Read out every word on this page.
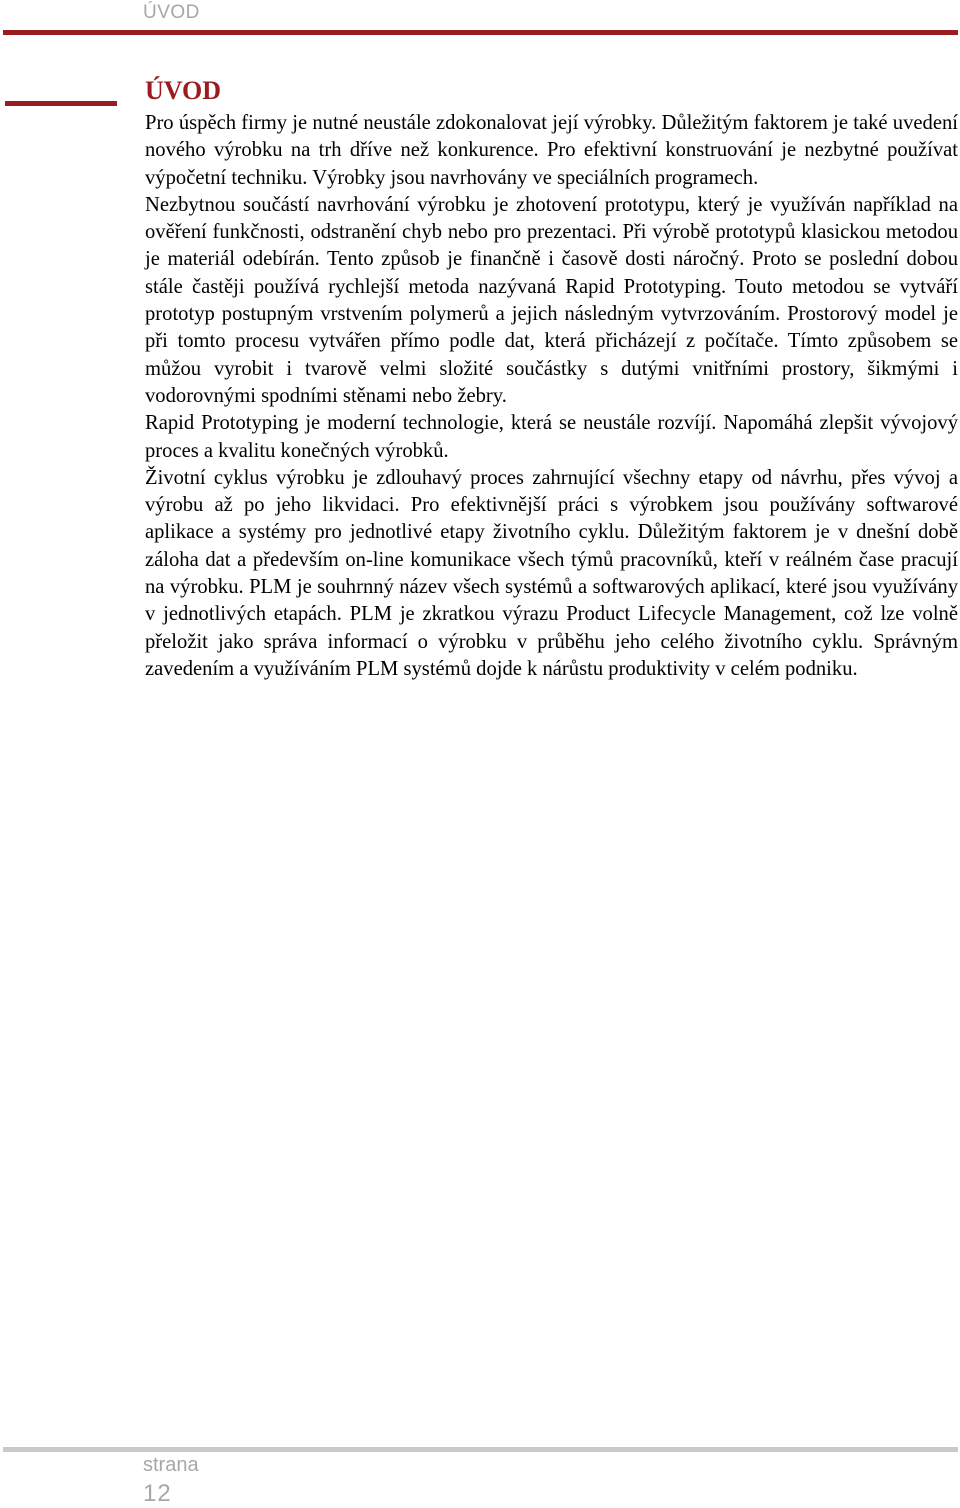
ÚVOD
ÚVOD

Pro úspěch firmy je nutné neustále zdokonalovat její výrobky. Důležitým faktorem je také uvedení nového výrobku na trh dříve než konkurence. Pro efektivní konstruování je nezbytné používat výpočetní techniku. Výrobky jsou navrhovány ve speciálních programech.

Nezbytnou součástí navrhování výrobku je zhotovení prototypu, který je využíván například na ověření funkčnosti, odstranění chyb nebo pro prezentaci. Při výrobě prototypů klasickou metodou je materiál odebírán. Tento způsob je finančně i časově dosti náročný. Proto se poslední dobou stále častěji používá rychlejší metoda nazývaná Rapid Prototyping. Touto metodou se vytváří prototyp postupným vrstvením polymerů a jejich následným vytvrzováním. Prostorový model je při tomto procesu vytvářen přímo podle dat, která přicházejí z počítače. Tímto způsobem se můžou vyrobit i tvarově velmi složité součástky s dutými vnitřními prostory, šikmými i vodorovnými spodními stěnami nebo žebry.

Rapid Prototyping je moderní technologie, která se neustále rozvíjí. Napomáhá zlepšit vývojový proces a kvalitu konečných výrobků.

Životní cyklus výrobku je zdlouhavý proces zahrnující všechny etapy od návrhu, přes vývoj a výrobu až po jeho likvidaci. Pro efektivnější práci s výrobkem jsou používány softwarové aplikace a systémy pro jednotlivé etapy životního cyklu. Důležitým faktorem je v dnešní době záloha dat a především on-line komunikace všech týmů pracovníků, kteří v reálném čase pracují na výrobku. PLM je souhrnný název všech systémů a softwarových aplikací, které jsou využívány v jednotlivých etapách. PLM je zkratkou výrazu Product Lifecycle Management, což lze volně přeložit jako správa informací o výrobku v průběhu jeho celého životního cyklu. Správným zavedením a využíváním PLM systémů dojde k nárůstu produktivity v celém podniku.

strana
12
